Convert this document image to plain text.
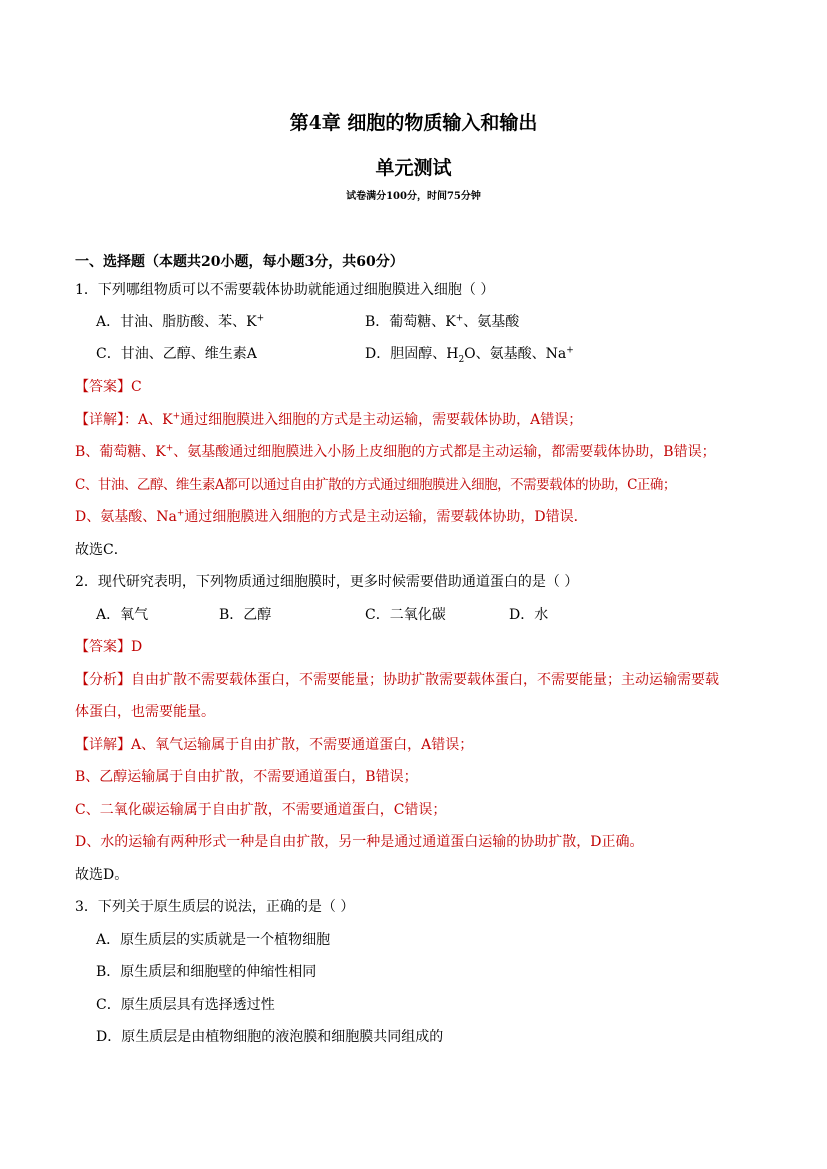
第4章 细胞的物质输入和输出
单元测试
试卷满分100分，时间75分钟
一、选择题（本题共20小题，每小题3分，共60分）
1．下列哪组物质可以不需要载体协助就能通过细胞膜进入细胞（ ）
A．甘油、脂肪酸、苯、K+	B．葡萄糖、K+、氨基酸
C．甘油、乙醇、维生素A	D．胆固醇、$H_2O$、氨基酸、Na+
【答案】C
【详解】：A、K+通过细胞膜进入细胞的方式是主动运输，需要载体协助，A错误；
B、葡萄糖、K+、氨基酸通过细胞膜进入小肠上皮细胞的方式都是主动运输，都需要载体协助，B错误；
C、甘油、乙醇、维生素A都可以通过自由扩散的方式通过细胞膜进入细胞，不需要载体的协助，C正确；
D、氨基酸、Na+通过细胞膜进入细胞的方式是主动运输，需要载体协助，D错误．
故选C．
2．现代研究表明，下列物质通过细胞膜时，更多时候需要借助通道蛋白的是（ ）
A．氧气	B．乙醇	C．二氧化碳	D．水
【答案】D
【分析】自由扩散不需要载体蛋白，不需要能量；协助扩散需要载体蛋白，不需要能量；主动运输需要载
体蛋白，也需要能量。
【详解】A、氧气运输属于自由扩散，不需要通道蛋白，A错误；
B、乙醇运输属于自由扩散，不需要通道蛋白，B错误；
C、二氧化碳运输属于自由扩散，不需要通道蛋白，C错误；
D、水的运输有两种形式一种是自由扩散，另一种是通过通道蛋白运输的协助扩散，D正确。
故选D。
3．下列关于原生质层的说法，正确的是（ ）
A．原生质层的实质就是一个植物细胞
B．原生质层和细胞壁的伸缩性相同
C．原生质层具有选择透过性
D．原生质层是由植物细胞的液泡膜和细胞膜共同组成的
